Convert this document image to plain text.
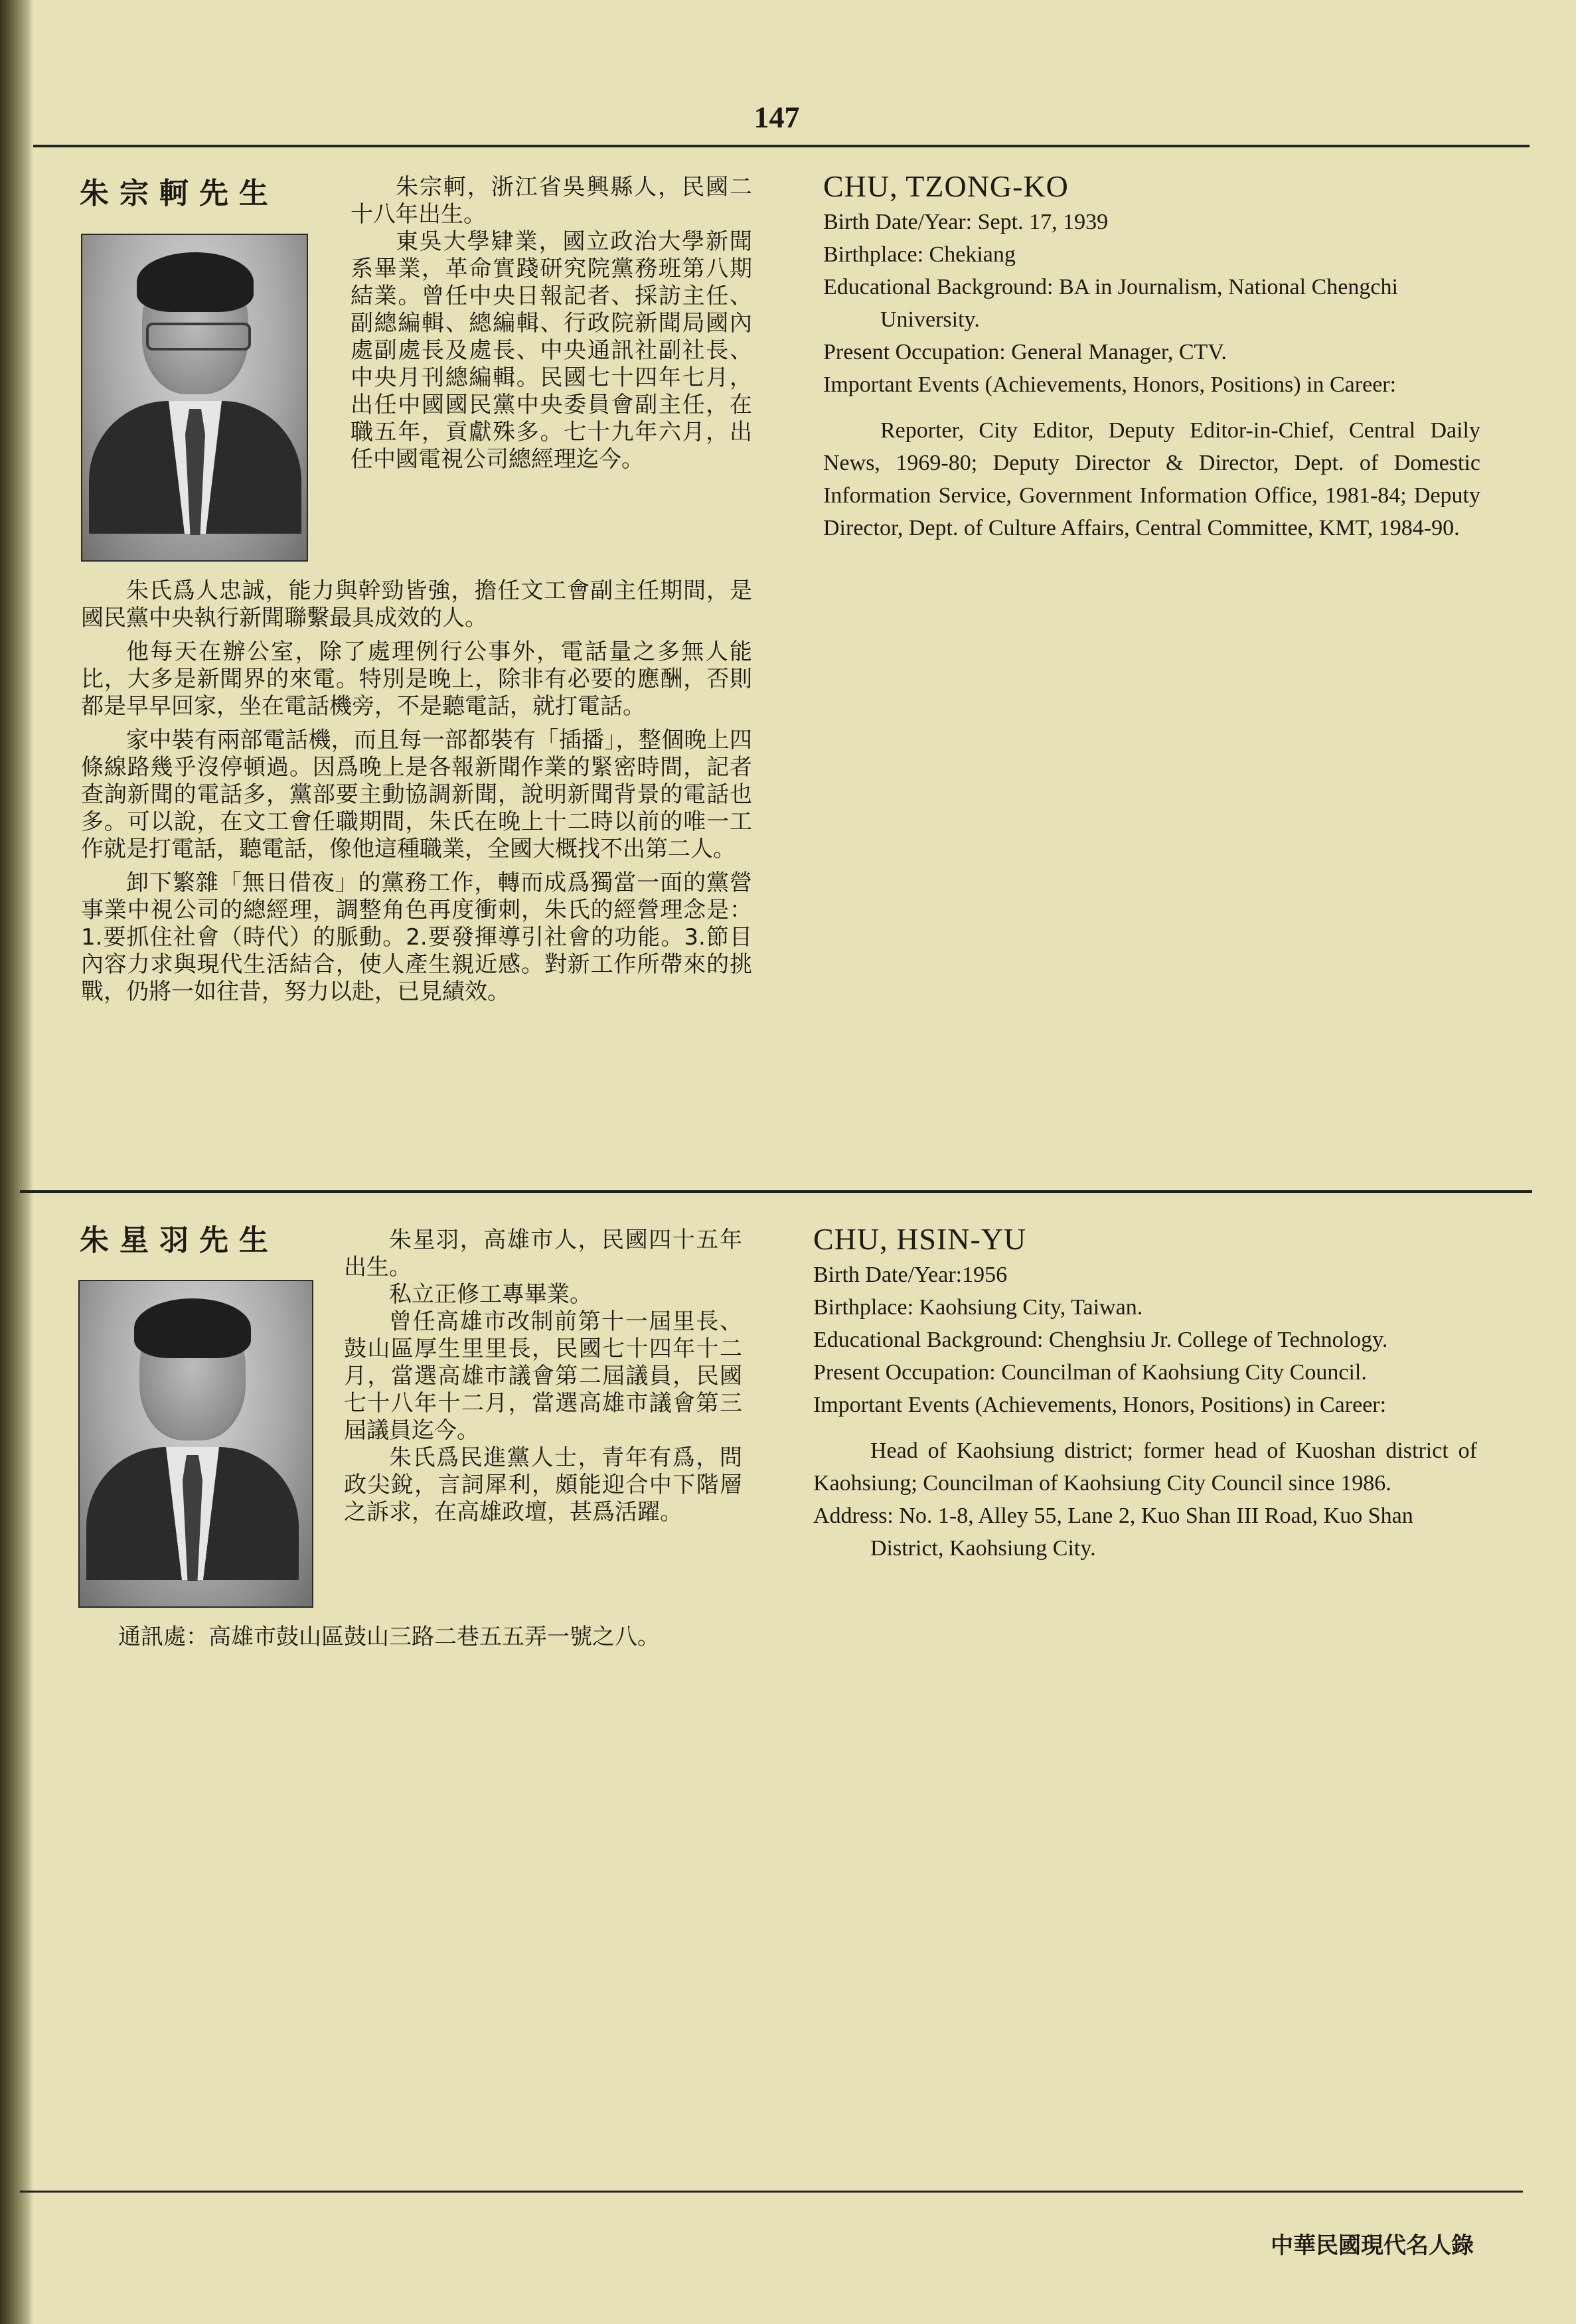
147
朱宗軻先生	朱宗軻，浙江省吳興縣人，民國二十八年出生。

東吳大學肄業，國立政治大學新聞系畢業，革命實踐研究院黨務班第八期結業。曾任中央日報記者、採訪主任、副總編輯、總編輯、行政院新聞局國內處副處長及處長、中央通訊社副社長、中央月刊總編輯。民國七十四年七月，出任中國國民黨中央委員會副主任，在職五年，貢獻殊多。七十九年六月，出任中國電視公司總經理迄今。

朱氏爲人忠誠，能力與幹勁皆強，擔任文工會副主任期間，是國民黨中央執行新聞聯繫最具成效的人。

他每天在辦公室，除了處理例行公事外，電話量之多無人能比，大多是新聞界的來電。特別是晚上，除非有必要的應酬，否則都是早早回家，坐在電話機旁，不是聽電話，就打電話。

家中裝有兩部電話機，而且每一部都裝有「插播」，整個晚上四條線路幾乎沒停頓過。因爲晚上是各報新聞作業的緊密時間，記者查詢新聞的電話多，黨部要主動協調新聞，說明新聞背景的電話也多。可以說，在文工會任職期間，朱氏在晚上十二時以前的唯一工作就是打電話，聽電話，像他這種職業，全國大概找不出第二人。

卸下繁雜「無日借夜」的黨務工作，轉而成爲獨當一面的黨營事業中視公司的總經理，調整角色再度衝刺，朱氏的經營理念是：1.要抓住社會（時代）的脈動。2.要發揮導引社會的功能。3.節目內容力求與現代生活結合，使人產生親近感。對新工作所帶來的挑戰，仍將一如往昔，努力以赴，已見績效。

CHU, TZONG-KO
Birth Date/Year: Sept. 17, 1939
Birthplace: Chekiang
Educational Background: BA in Journalism, National Chengchi University.
Present Occupation: General Manager, CTV.
Important Events (Achievements, Honors, Positions) in Career:
Reporter, City Editor, Deputy Editor-in-Chief, Central Daily News, 1969-80; Deputy Director & Director, Dept. of Domestic Information Service, Government Information Office, 1981-84; Deputy Director, Dept. of Culture Affairs, Central Committee, KMT, 1984-90.
朱星羽先生	朱星羽，高雄市人，民國四十五年出生。

私立正修工專畢業。

曾任高雄市改制前第十一屆里長、鼓山區厚生里里長，民國七十四年十二月，當選高雄市議會第二屆議員，民國七十八年十二月，當選高雄市議會第三屆議員迄今。

朱氏爲民進黨人士，青年有爲，問政尖銳，言詞犀利，頗能迎合中下階層之訴求，在高雄政壇，甚爲活躍。

通訊處：高雄市鼓山區鼓山三路二巷五五弄一號之八。
CHU, HSIN-YU
Birth Date/Year:1956
Birthplace: Kaohsiung City, Taiwan.
Educational Background: Chenghsiu Jr. College of Technology.
Present Occupation: Councilman of Kaohsiung City Council.
Important Events (Achievements, Honors, Positions) in Career:
Head of Kaohsiung district; former head of Kuoshan district of Kaohsiung; Councilman of Kaohsiung City Council since 1986.
Address: No. 1-8, Alley 55, Lane 2, Kuo Shan III Road, Kuo Shan District, Kaohsiung City.
中華民國現代名人錄
